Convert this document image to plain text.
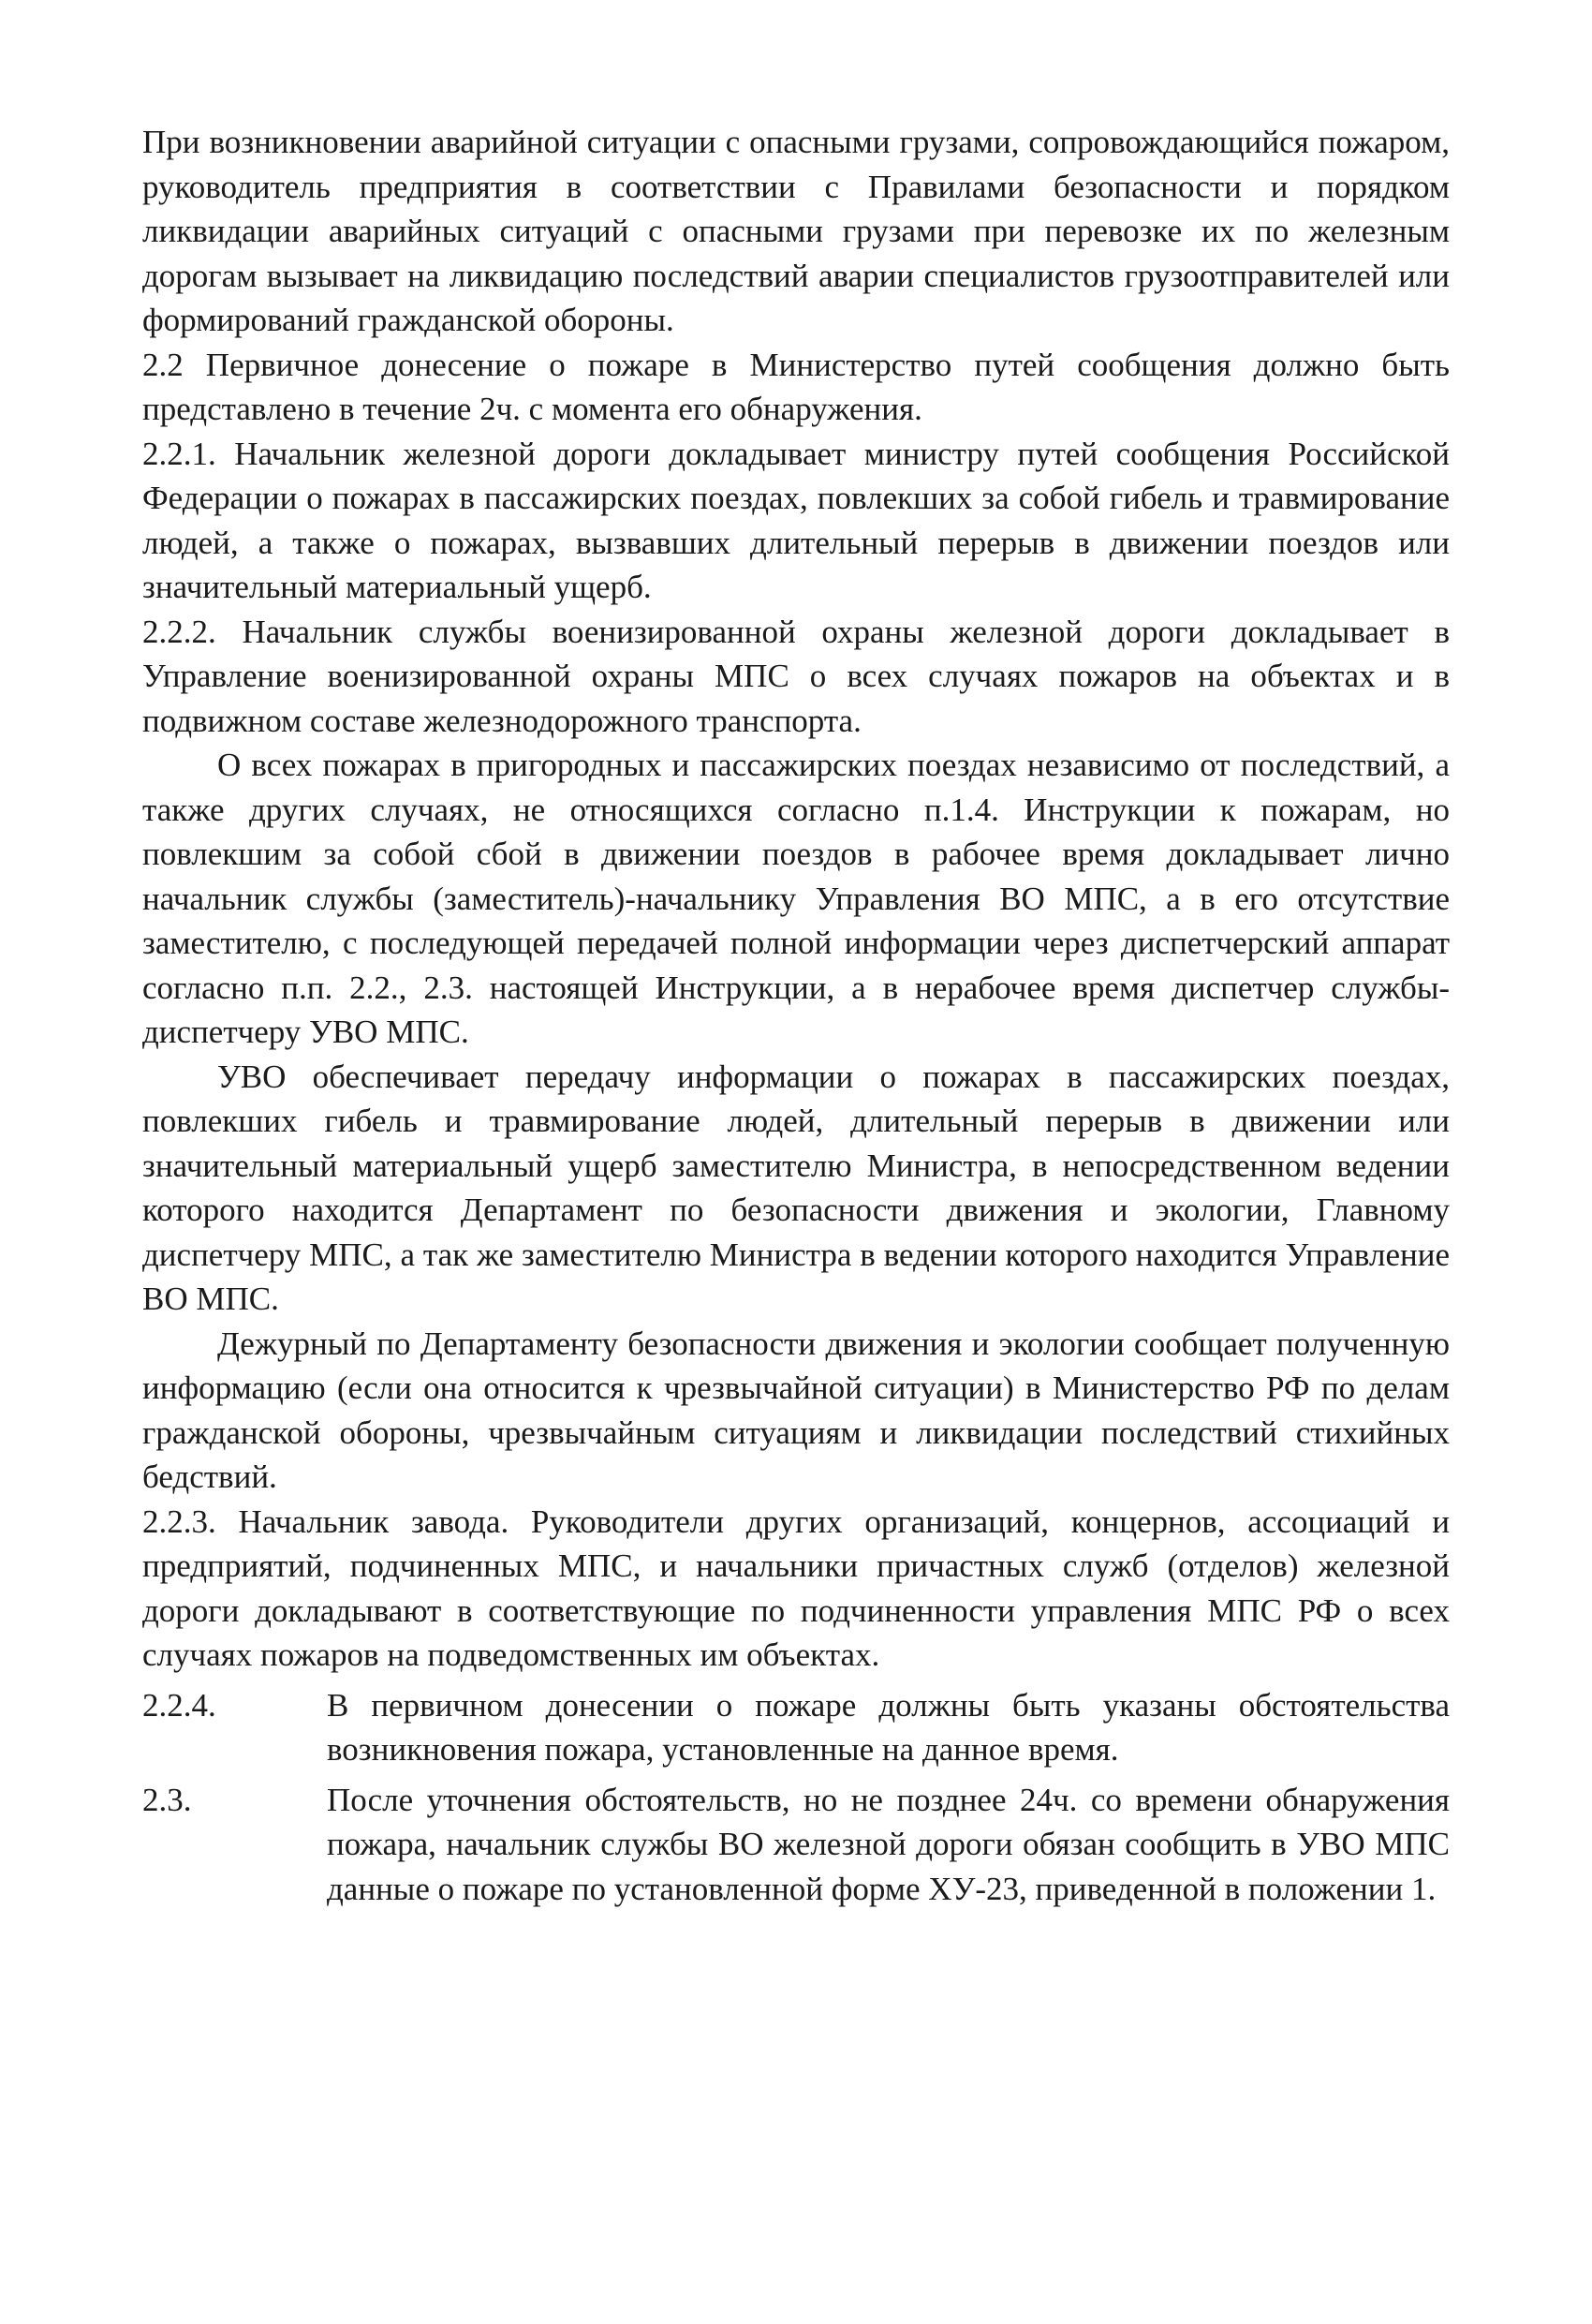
При возникновении аварийной ситуации с опасными грузами, сопровождающийся пожаром, руководитель предприятия в соответствии с Правилами безопасности и порядком ликвидации аварийных ситуаций с опасными грузами при перевозке их по железным дорогам вызывает на ликвидацию последствий аварии специалистов грузоотправителей или формирований гражданской обороны.

2.2 Первичное донесение о пожаре в Министерство путей сообщения должно быть представлено в течение 2ч. с момента его обнаружения.

2.2.1. Начальник железной дороги докладывает министру путей сообщения Российской Федерации о пожарах в пассажирских поездах, повлекших за собой гибель и травмирование людей, а также о пожарах, вызвавших длительный перерыв в движении поездов или значительный материальный ущерб.

2.2.2. Начальник службы военизированной охраны железной дороги докладывает в Управление военизированной охраны МПС о всех случаях пожаров на объектах и в подвижном составе железнодорожного транспорта.

О всех пожарах в пригородных и пассажирских поездах независимо от последствий, а также других случаях, не относящихся согласно п.1.4. Инструкции к пожарам, но повлекшим за собой сбой в движении поездов в рабочее время докладывает лично начальник службы (заместитель)-начальнику Управления ВО МПС, а в его отсутствие заместителю, с последующей передачей полной информации через диспетчерский аппарат согласно п.п. 2.2., 2.3. настоящей Инструкции, а в нерабочее время диспетчер службы- диспетчеру УВО МПС.

УВО обеспечивает передачу информации о пожарах в пассажирских поездах, повлекших гибель и травмирование людей, длительный перерыв в движении или значительный материальный ущерб заместителю Министра, в непосредственном ведении которого находится Департамент по безопасности движения и экологии, Главному диспетчеру МПС, а так же заместителю Министра в ведении которого находится Управление ВО МПС.

Дежурный по Департаменту безопасности движения и экологии сообщает полученную информацию (если она относится к чрезвычайной ситуации) в Министерство РФ по делам гражданской обороны, чрезвычайным ситуациям и ликвидации последствий стихийных бедствий.

2.2.3. Начальник завода. Руководители других организаций, концернов, ассоциаций и предприятий, подчиненных МПС, и начальники причастных служб (отделов) железной дороги докладывают в соответствующие по подчиненности управления МПС РФ о всех случаях пожаров на подведомственных им объектах.

2.2.4.	В первичном донесении о пожаре должны быть указаны обстоятельства возникновения пожара, установленные на данное время.
2.3.	После уточнения обстоятельств, но не позднее 24ч. со времени обнаружения пожара, начальник службы ВО железной дороги обязан сообщить в УВО МПС данные о пожаре по установленной форме ХУ-23, приведенной в положении 1.
